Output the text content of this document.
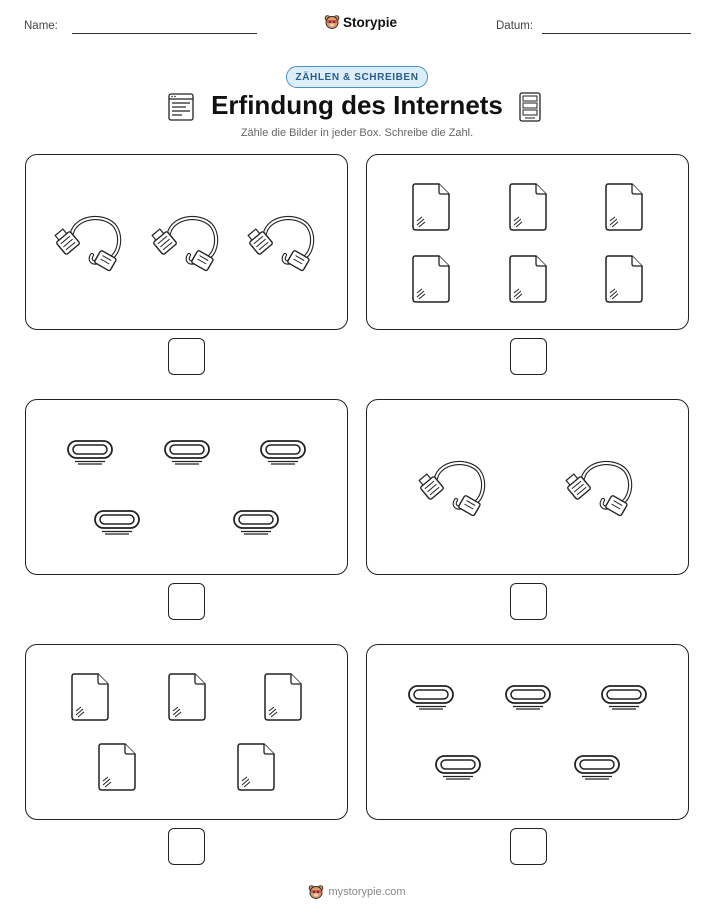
Name:	Storypie	Datum:
ZÄHLEN & SCHREIBEN
Erfindung des Internets
Zähle die Bilder in jeder Box. Schreibe die Zahl.
mystorypie.com
